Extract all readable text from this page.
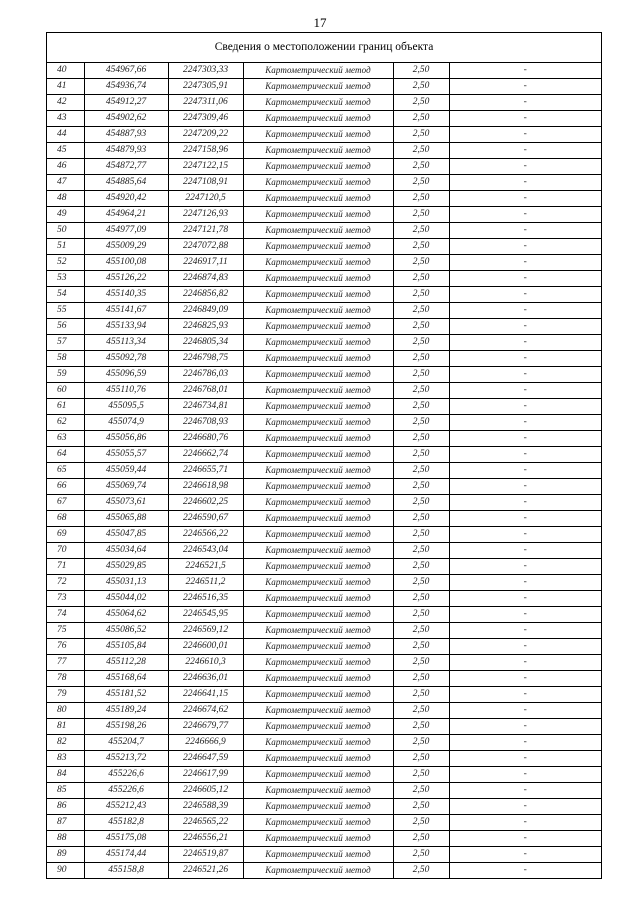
17
Сведения о местоположении границ объекта
40	454967,66	2247303,33	Картометрический метод	2,50	-
41	454936,74	2247305,91	Картометрический метод	2,50	-
42	454912,27	2247311,06	Картометрический метод	2,50	-
43	454902,62	2247309,46	Картометрический метод	2,50	-
44	454887,93	2247209,22	Картометрический метод	2,50	-
45	454879,93	2247158,96	Картометрический метод	2,50	-
46	454872,77	2247122,15	Картометрический метод	2,50	-
47	454885,64	2247108,91	Картометрический метод	2,50	-
48	454920,42	2247120,5	Картометрический метод	2,50	-
49	454964,21	2247126,93	Картометрический метод	2,50	-
50	454977,09	2247121,78	Картометрический метод	2,50	-
51	455009,29	2247072,88	Картометрический метод	2,50	-
52	455100,08	2246917,11	Картометрический метод	2,50	-
53	455126,22	2246874,83	Картометрический метод	2,50	-
54	455140,35	2246856,82	Картометрический метод	2,50	-
55	455141,67	2246849,09	Картометрический метод	2,50	-
56	455133,94	2246825,93	Картометрический метод	2,50	-
57	455113,34	2246805,34	Картометрический метод	2,50	-
58	455092,78	2246798,75	Картометрический метод	2,50	-
59	455096,59	2246786,03	Картометрический метод	2,50	-
60	455110,76	2246768,01	Картометрический метод	2,50	-
61	455095,5	2246734,81	Картометрический метод	2,50	-
62	455074,9	2246708,93	Картометрический метод	2,50	-
63	455056,86	2246680,76	Картометрический метод	2,50	-
64	455055,57	2246662,74	Картометрический метод	2,50	-
65	455059,44	2246655,71	Картометрический метод	2,50	-
66	455069,74	2246618,98	Картометрический метод	2,50	-
67	455073,61	2246602,25	Картометрический метод	2,50	-
68	455065,88	2246590,67	Картометрический метод	2,50	-
69	455047,85	2246566,22	Картометрический метод	2,50	-
70	455034,64	2246543,04	Картометрический метод	2,50	-
71	455029,85	2246521,5	Картометрический метод	2,50	-
72	455031,13	2246511,2	Картометрический метод	2,50	-
73	455044,02	2246516,35	Картометрический метод	2,50	-
74	455064,62	2246545,95	Картометрический метод	2,50	-
75	455086,52	2246569,12	Картометрический метод	2,50	-
76	455105,84	2246600,01	Картометрический метод	2,50	-
77	455112,28	2246610,3	Картометрический метод	2,50	-
78	455168,64	2246636,01	Картометрический метод	2,50	-
79	455181,52	2246641,15	Картометрический метод	2,50	-
80	455189,24	2246674,62	Картометрический метод	2,50	-
81	455198,26	2246679,77	Картометрический метод	2,50	-
82	455204,7	2246666,9	Картометрический метод	2,50	-
83	455213,72	2246647,59	Картометрический метод	2,50	-
84	455226,6	2246617,99	Картометрический метод	2,50	-
85	455226,6	2246605,12	Картометрический метод	2,50	-
86	455212,43	2246588,39	Картометрический метод	2,50	-
87	455182,8	2246565,22	Картометрический метод	2,50	-
88	455175,08	2246556,21	Картометрический метод	2,50	-
89	455174,44	2246519,87	Картометрический метод	2,50	-
90	455158,8	2246521,26	Картометрический метод	2,50	-
